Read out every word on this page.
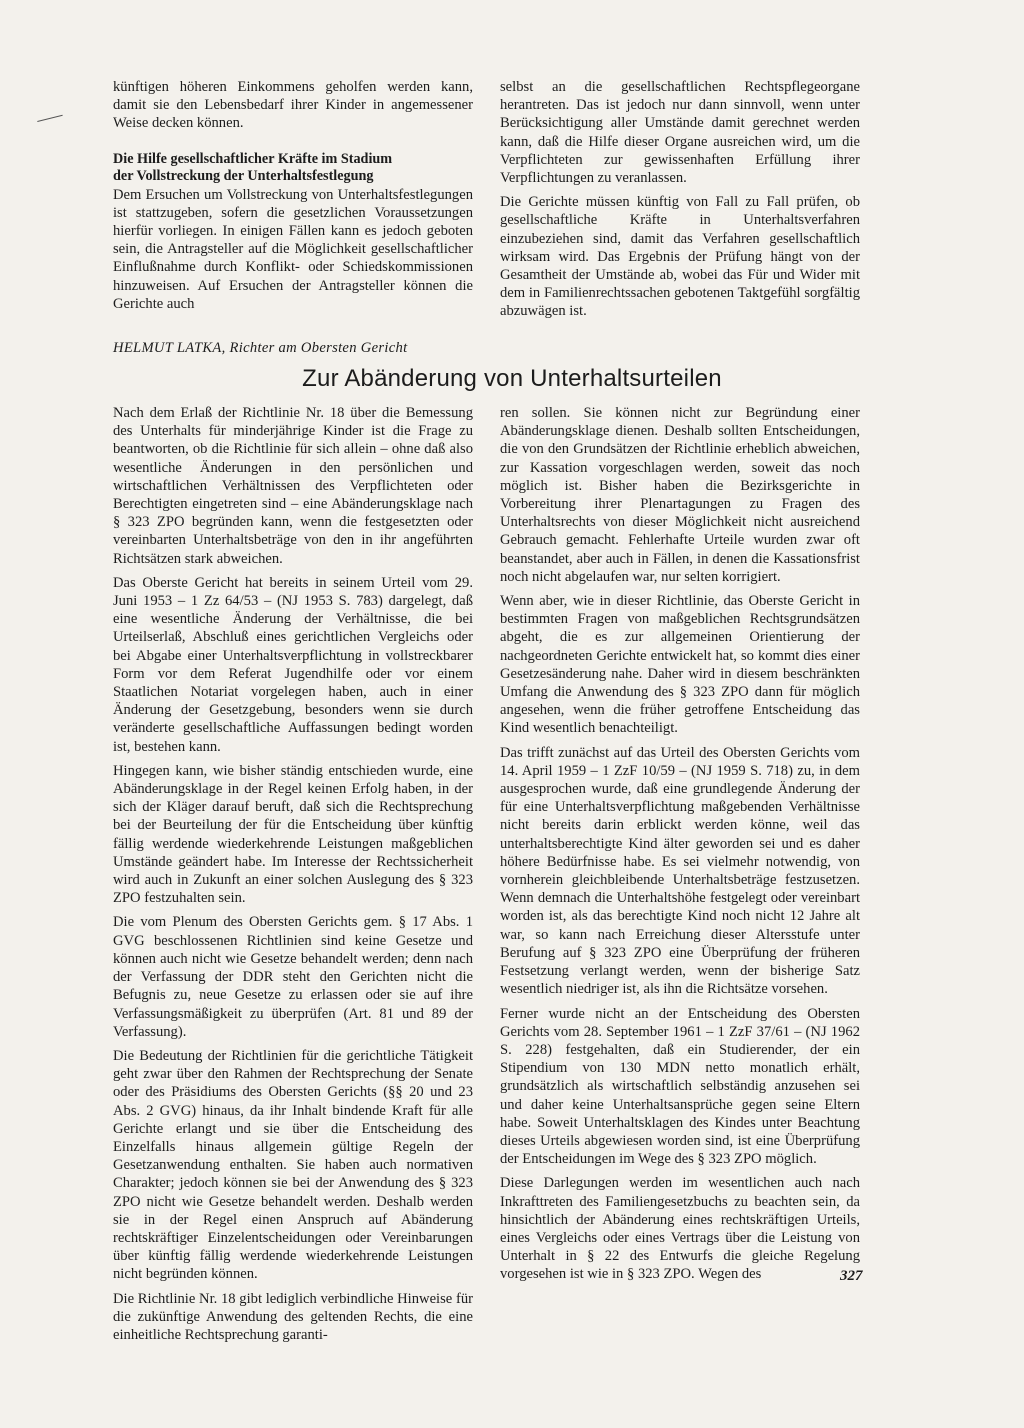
künftigen höheren Einkommens geholfen werden kann, damit sie den Lebensbedarf ihrer Kinder in angemessener Weise decken können.

Die Hilfe gesellschaftlicher Kräfte im Stadium
der Vollstreckung der Unterhaltsfestlegung

Dem Ersuchen um Vollstreckung von Unterhaltsfestlegungen ist stattzugeben, sofern die gesetzlichen Voraussetzungen hierfür vorliegen. In einigen Fällen kann es jedoch geboten sein, die Antragsteller auf die Möglichkeit gesellschaftlicher Einflußnahme durch Konflikt- oder Schiedskommissionen hinzuweisen. Auf Ersuchen der Antragsteller können die Gerichte auch

selbst an die gesellschaftlichen Rechtspflegeorgane herantreten. Das ist jedoch nur dann sinnvoll, wenn unter Berücksichtigung aller Umstände damit gerechnet werden kann, daß die Hilfe dieser Organe ausreichen wird, um die Verpflichteten zur gewissenhaften Erfüllung ihrer Verpflichtungen zu veranlassen.

Die Gerichte müssen künftig von Fall zu Fall prüfen, ob gesellschaftliche Kräfte in Unterhaltsverfahren einzubeziehen sind, damit das Verfahren gesellschaftlich wirksam wird. Das Ergebnis der Prüfung hängt von der Gesamtheit der Umstände ab, wobei das Für und Wider mit dem in Familienrechtssachen gebotenen Taktgefühl sorgfältig abzuwägen ist.

HELMUT LATKA, Richter am Obersten Gericht
Zur Abänderung von Unterhaltsurteilen

Nach dem Erlaß der Richtlinie Nr. 18 über die Bemessung des Unterhalts für minderjährige Kinder ist die Frage zu beantworten, ob die Richtlinie für sich allein – ohne daß also wesentliche Änderungen in den persönlichen und wirtschaftlichen Verhältnissen des Verpflichteten oder Berechtigten eingetreten sind – eine Abänderungsklage nach § 323 ZPO begründen kann, wenn die festgesetzten oder vereinbarten Unterhaltsbeträge von den in ihr angeführten Richtsätzen stark abweichen.

Das Oberste Gericht hat bereits in seinem Urteil vom 29. Juni 1953 – 1 Zz 64/53 – (NJ 1953 S. 783) dargelegt, daß eine wesentliche Änderung der Verhältnisse, die bei Urteilserlaß, Abschluß eines gerichtlichen Vergleichs oder bei Abgabe einer Unterhaltsverpflichtung in vollstreckbarer Form vor dem Referat Jugendhilfe oder vor einem Staatlichen Notariat vorgelegen haben, auch in einer Änderung der Gesetzgebung, besonders wenn sie durch veränderte gesellschaftliche Auffassungen bedingt worden ist, bestehen kann.

Hingegen kann, wie bisher ständig entschieden wurde, eine Abänderungsklage in der Regel keinen Erfolg haben, in der sich der Kläger darauf beruft, daß sich die Rechtsprechung bei der Beurteilung der für die Entscheidung über künftig fällig werdende wiederkehrende Leistungen maßgeblichen Umstände geändert habe. Im Interesse der Rechtssicherheit wird auch in Zukunft an einer solchen Auslegung des § 323 ZPO festzuhalten sein.

Die vom Plenum des Obersten Gerichts gem. § 17 Abs. 1 GVG beschlossenen Richtlinien sind keine Gesetze und können auch nicht wie Gesetze behandelt werden; denn nach der Verfassung der DDR steht den Gerichten nicht die Befugnis zu, neue Gesetze zu erlassen oder sie auf ihre Verfassungsmäßigkeit zu überprüfen (Art. 81 und 89 der Verfassung).

Die Bedeutung der Richtlinien für die gerichtliche Tätigkeit geht zwar über den Rahmen der Rechtsprechung der Senate oder des Präsidiums des Obersten Gerichts (§§ 20 und 23 Abs. 2 GVG) hinaus, da ihr Inhalt bindende Kraft für alle Gerichte erlangt und sie über die Entscheidung des Einzelfalls hinaus allgemein gültige Regeln der Gesetzanwendung enthalten. Sie haben auch normativen Charakter; jedoch können sie bei der Anwendung des § 323 ZPO nicht wie Gesetze behandelt werden. Deshalb werden sie in der Regel einen Anspruch auf Abänderung rechtskräftiger Einzelentscheidungen oder Vereinbarungen über künftig fällig werdende wiederkehrende Leistungen nicht begründen können.

Die Richtlinie Nr. 18 gibt lediglich verbindliche Hinweise für die zukünftige Anwendung des geltenden Rechts, die eine einheitliche Rechtsprechung garanti-

ren sollen. Sie können nicht zur Begründung einer Abänderungsklage dienen. Deshalb sollten Entscheidungen, die von den Grundsätzen der Richtlinie erheblich abweichen, zur Kassation vorgeschlagen werden, soweit das noch möglich ist. Bisher haben die Bezirksgerichte in Vorbereitung ihrer Plenartagungen zu Fragen des Unterhaltsrechts von dieser Möglichkeit nicht ausreichend Gebrauch gemacht. Fehlerhafte Urteile wurden zwar oft beanstandet, aber auch in Fällen, in denen die Kassationsfrist noch nicht abgelaufen war, nur selten korrigiert.

Wenn aber, wie in dieser Richtlinie, das Oberste Gericht in bestimmten Fragen von maßgeblichen Rechtsgrundsätzen abgeht, die es zur allgemeinen Orientierung der nachgeordneten Gerichte entwickelt hat, so kommt dies einer Gesetzesänderung nahe. Daher wird in diesem beschränkten Umfang die Anwendung des § 323 ZPO dann für möglich angesehen, wenn die früher getroffene Entscheidung das Kind wesentlich benachteiligt.

Das trifft zunächst auf das Urteil des Obersten Gerichts vom 14. April 1959 – 1 ZzF 10/59 – (NJ 1959 S. 718) zu, in dem ausgesprochen wurde, daß eine grundlegende Änderung der für eine Unterhaltsverpflichtung maßgebenden Verhältnisse nicht bereits darin erblickt werden könne, weil das unterhaltsberechtigte Kind älter geworden sei und es daher höhere Bedürfnisse habe. Es sei vielmehr notwendig, von vornherein gleichbleibende Unterhaltsbeträge festzusetzen. Wenn demnach die Unterhaltshöhe festgelegt oder vereinbart worden ist, als das berechtigte Kind noch nicht 12 Jahre alt war, so kann nach Erreichung dieser Altersstufe unter Berufung auf § 323 ZPO eine Überprüfung der früheren Festsetzung verlangt werden, wenn der bisherige Satz wesentlich niedriger ist, als ihn die Richtsätze vorsehen.

Ferner wurde nicht an der Entscheidung des Obersten Gerichts vom 28. September 1961 – 1 ZzF 37/61 – (NJ 1962 S. 228) festgehalten, daß ein Studierender, der ein Stipendium von 130 MDN netto monatlich erhält, grundsätzlich als wirtschaftlich selbständig anzusehen sei und daher keine Unterhaltsansprüche gegen seine Eltern habe. Soweit Unterhaltsklagen des Kindes unter Beachtung dieses Urteils abgewiesen worden sind, ist eine Überprüfung der Entscheidungen im Wege des § 323 ZPO möglich.

Diese Darlegungen werden im wesentlichen auch nach Inkrafttreten des Familiengesetzbuchs zu beachten sein, da hinsichtlich der Abänderung eines rechtskräftigen Urteils, eines Vergleichs oder eines Vertrags über die Leistung von Unterhalt in § 22 des Entwurfs die gleiche Regelung vorgesehen ist wie in § 323 ZPO. Wegen des	327
